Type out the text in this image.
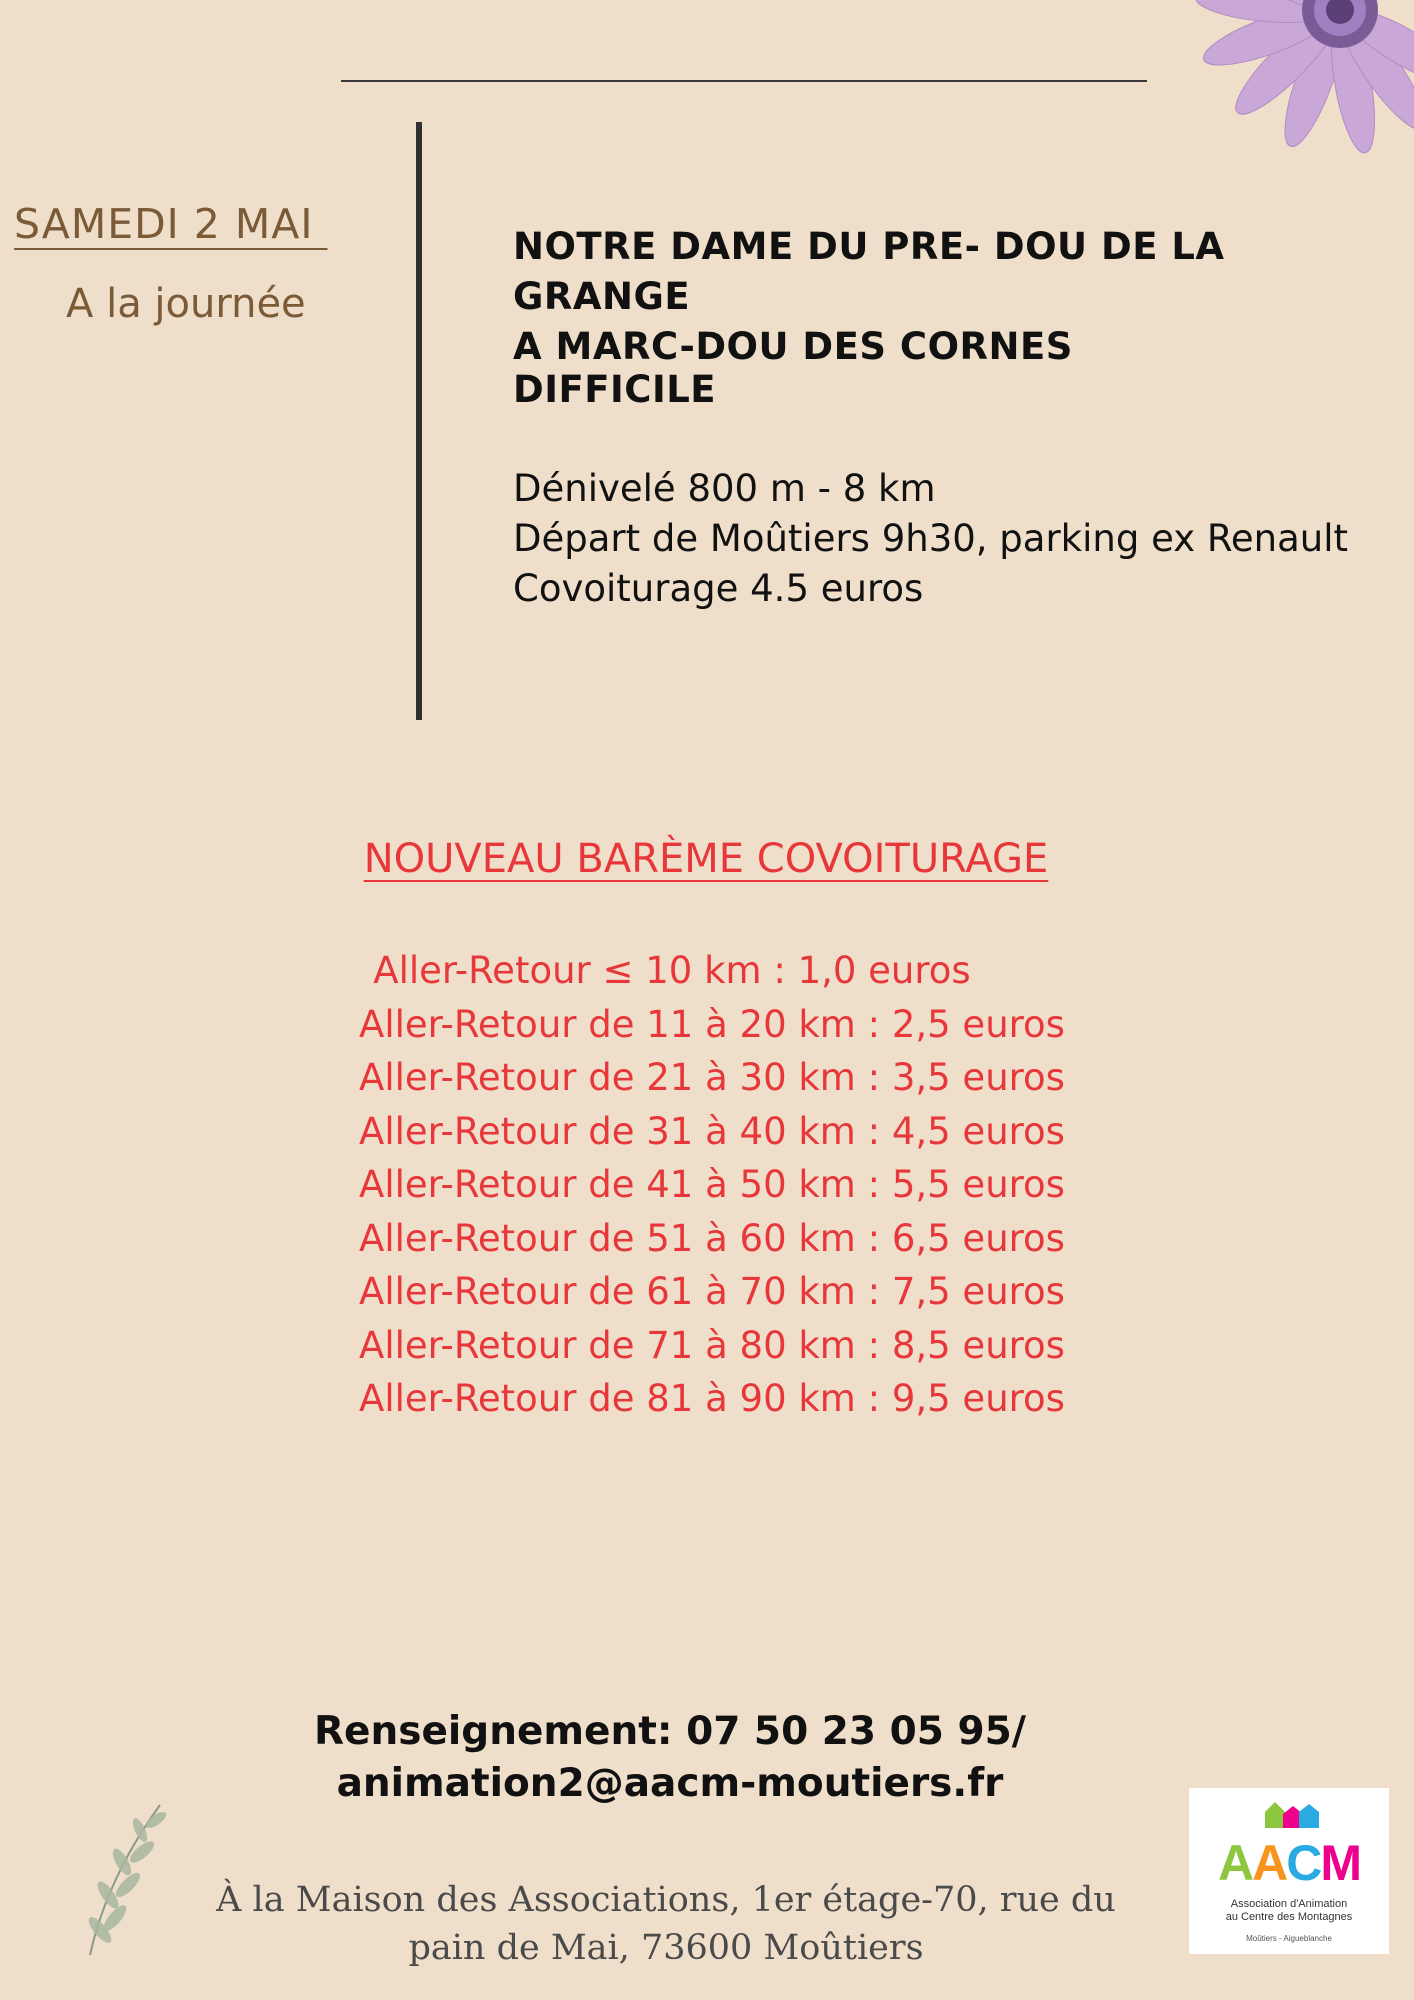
SAMEDI 2 MAI
A la journée
NOTRE DAME DU PRE- DOU DE LA GRANGE
A MARC-DOU DES CORNES
DIFFICILE
Dénivelé 800 m - 8 km
Départ de Moûtiers 9h30, parking ex Renault
Covoiturage 4.5 euros
NOUVEAU BARÈME COVOITURAGE
Aller-Retour ≤ 10 km : 1,0 euros
Aller-Retour de 11 à 20 km : 2,5 euros
Aller-Retour de 21 à 30 km : 3,5 euros
Aller-Retour de 31 à 40 km : 4,5 euros
Aller-Retour de 41 à 50 km : 5,5 euros
Aller-Retour de 51 à 60 km : 6,5 euros
Aller-Retour de 61 à 70 km : 7,5 euros
Aller-Retour de 71 à 80 km : 8,5 euros
Aller-Retour de 81 à 90 km : 9,5 euros
Renseignement: 07 50 23 05 95/
animation2@aacm-moutiers.fr
À la Maison des Associations, 1er étage-70, rue du
pain de Mai, 73600 Moûtiers
AACM
Association d'Animation
au Centre des Montagnes
Moûtiers - Aigueblanche
